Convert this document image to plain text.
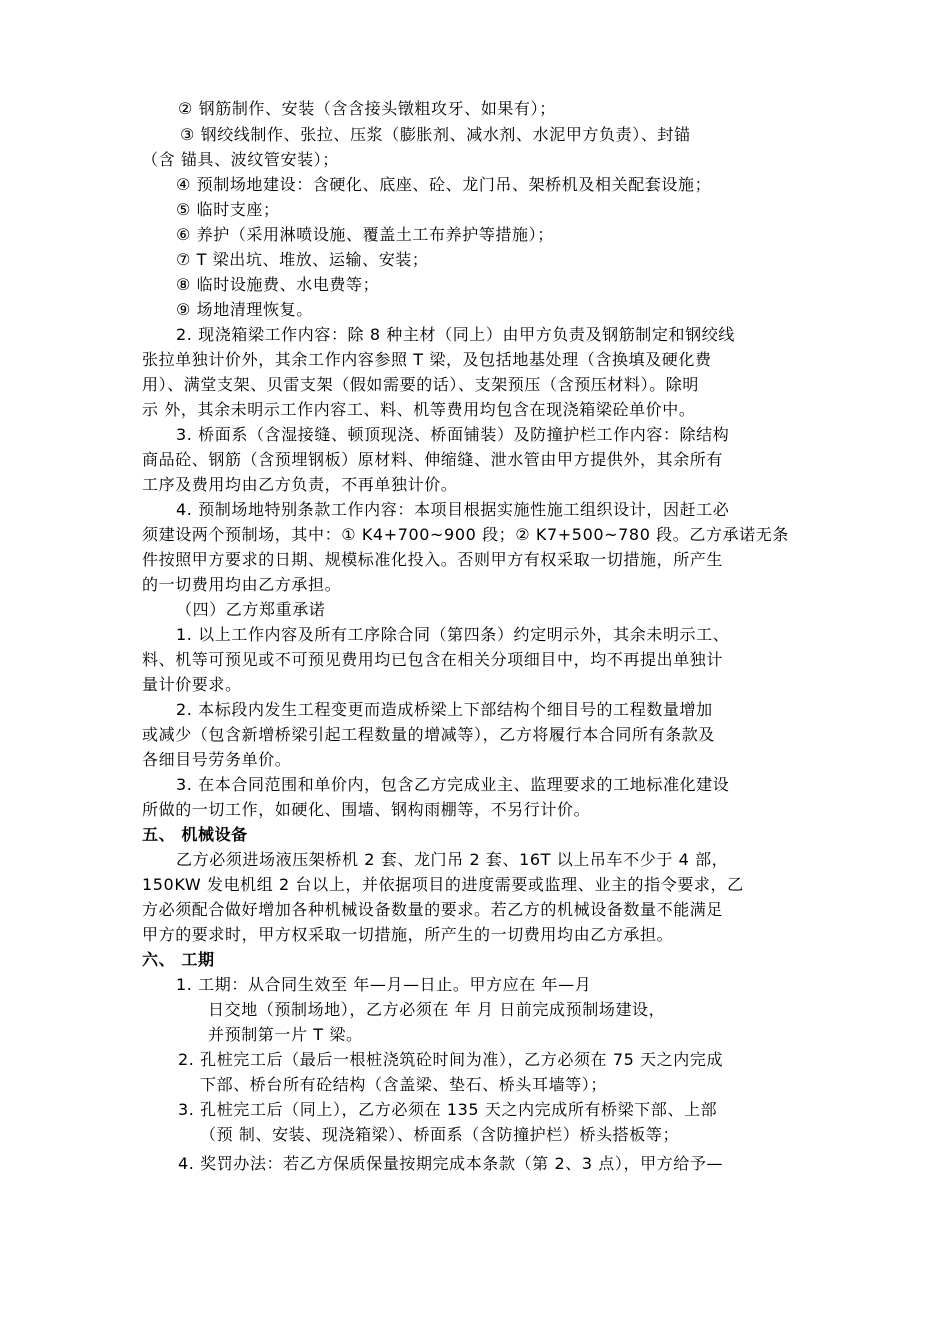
② 钢筋制作、安装（含含接头镦粗攻牙、如果有）；
③ 钢绞线制作、张拉、压浆（膨胀剂、减水剂、水泥甲方负责）、封锚
（含 锚具、波纹管安装）；
④ 预制场地建设：含硬化、底座、砼、龙门吊、架桥机及相关配套设施；
⑤ 临时支座；
⑥ 养护（采用淋喷设施、覆盖土工布养护等措施）；
⑦ T 梁出坑、堆放、运输、安装；
⑧ 临时设施费、水电费等；
⑨ 场地清理恢复。
2. 现浇箱梁工作内容：除 8 种主材（同上）由甲方负责及钢筋制定和钢绞线
张拉单独计价外，其余工作内容参照 T 梁，及包括地基处理（含换填及硬化费
用）、满堂支架、贝雷支架（假如需要的话）、支架预压（含预压材料）。除明
示 外，其余未明示工作内容工、料、机等费用均包含在现浇箱梁砼单价中。
3. 桥面系（含湿接缝、顿顶现浇、桥面铺装）及防撞护栏工作内容：除结构
商品砼、钢筋（含预埋钢板）原材料、伸缩缝、泄水管由甲方提供外，其余所有
工序及费用均由乙方负责，不再单独计价。
4. 预制场地特别条款工作内容：本项目根据实施性施工组织设计，因赶工必
须建设两个预制场，其中：① K4+700~900 段；② K7+500~780 段。乙方承诺无条
件按照甲方要求的日期、规模标准化投入。否则甲方有权采取一切措施，所产生
的一切费用均由乙方承担。
（四）乙方郑重承诺
1. 以上工作内容及所有工序除合同（第四条）约定明示外，其余未明示工、
料、机等可预见或不可预见费用均已包含在相关分项细目中，均不再提出单独计
量计价要求。
2. 本标段内发生工程变更而造成桥梁上下部结构个细目号的工程数量增加
或减少（包含新增桥梁引起工程数量的增减等），乙方将履行本合同所有条款及
各细目号劳务单价。
3. 在本合同范围和单价内，包含乙方完成业主、监理要求的工地标准化建设
所做的一切工作，如硬化、围墙、钢构雨棚等，不另行计价。
五、 机械设备
乙方必须进场液压架桥机 2 套、龙门吊 2 套、16T 以上吊车不少于 4 部，
150KW 发电机组 2 台以上，并依据项目的进度需要或监理、业主的指令要求，乙
方必须配合做好增加各种机械设备数量的要求。若乙方的机械设备数量不能满足
甲方的要求时，甲方权采取一切措施，所产生的一切费用均由乙方承担。
六、 工期
1. 工期：从合同生效至 年—月—日止。甲方应在 年—月
日交地（预制场地），乙方必须在 年 月 日前完成预制场建设，
并预制第一片 T 梁。
2. 孔桩完工后（最后一根桩浇筑砼时间为准），乙方必须在 75 天之内完成
下部、桥台所有砼结构（含盖梁、垫石、桥头耳墙等）；
3. 孔桩完工后（同上），乙方必须在 135 天之内完成所有桥梁下部、上部
（预 制、安装、现浇箱梁）、桥面系（含防撞护栏）桥头搭板等；
4. 奖罚办法：若乙方保质保量按期完成本条款（第 2、3 点），甲方给予—
